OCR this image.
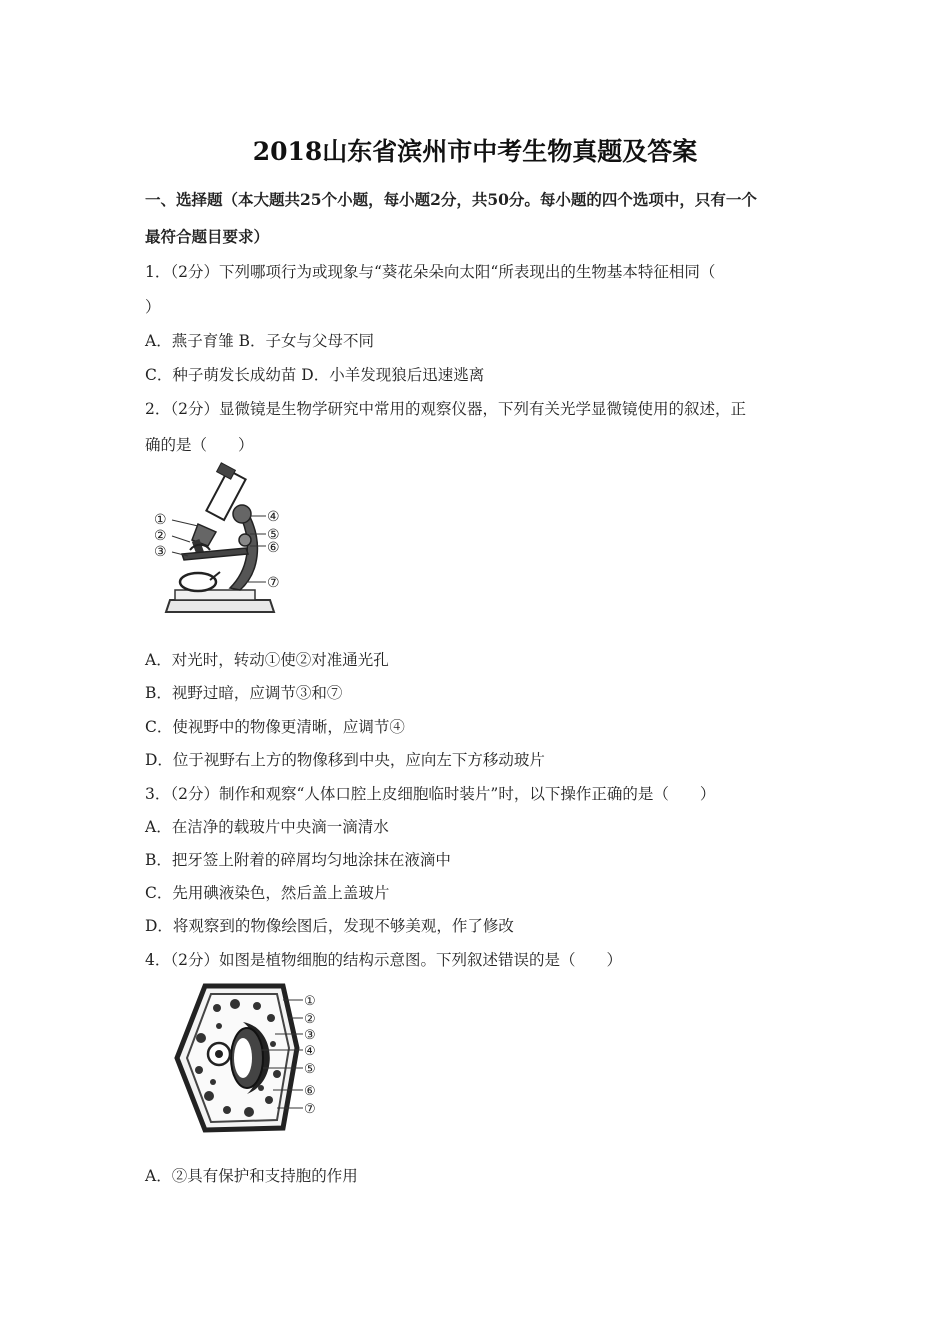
2018山东省滨州市中考生物真题及答案
一、选择题（本大题共25个小题，每小题2分，共50分。每小题的四个选项中，只有一个
最符合题目要求）
1．（2分）下列哪项行为或现象与“葵花朵朵向太阳“所表现出的生物基本特征相同（
）
A．燕子育雏 B．子女与父母不同
C．种子萌发长成幼苗 D．小羊发现狼后迅速逃离
2．（2分）显微镜是生物学研究中常用的观察仪器，下列有关光学显微镜使用的叙述，正
确的是（　　）
①
②
③
④
⑤
⑥
⑦
A．对光时，转动①使②对准通光孔
B．视野过暗，应调节③和⑦
C．使视野中的物像更清晰，应调节④
D．位于视野右上方的物像移到中央，应向左下方移动玻片
3．（2分）制作和观察“人体口腔上皮细胞临时装片”时，以下操作正确的是（　　）
A．在洁净的载玻片中央滴一滴清水
B．把牙签上附着的碎屑均匀地涂抹在液滴中
C．先用碘液染色，然后盖上盖玻片
D．将观察到的物像绘图后，发现不够美观，作了修改
4．（2分）如图是植物细胞的结构示意图。下列叙述错误的是（　　）
①
②
③
④
⑤
⑥
⑦
A．②具有保护和支持胞的作用
